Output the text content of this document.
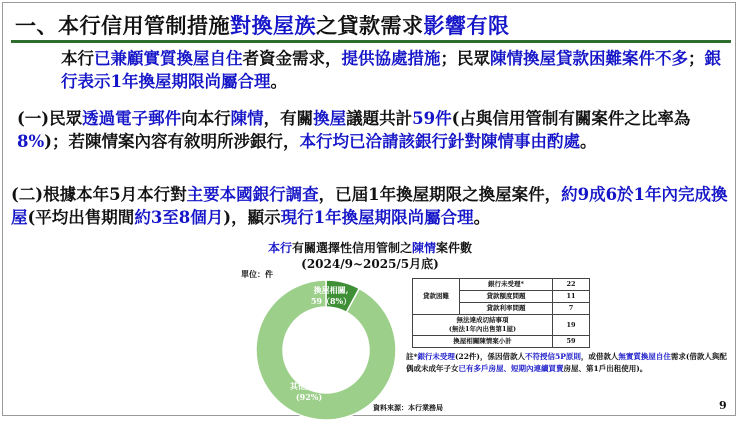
一、本行信用管制措施對換屋族之貸款需求影響有限
本行已兼顧實質換屋自住者資金需求，提供協處措施；民眾陳情換屋貸款困難案件不多；銀行表示1年換屋期限尚屬合理。
(一)民眾透過電子郵件向本行陳情，有關換屋議題共計59件(占與信用管制有關案件之比率為8%)；若陳情案內容有敘明所涉銀行，本行均已洽請該銀行針對陳情事由酌處。
(二)根據本年5月本行對主要本國銀行調查，已屆1年換屋期限之換屋案件，約9成6於1年內完成換屋(平均出售期間約3至8個月)，顯示現行1年換屋期限尚屬合理。
本行有關選擇性信用管制之陳情案件數
(2024/9~2025/5月底)
單位：件
換屋相關,
59（8%）
其他, 689
(92%)
貸款困難	銀行未受理*	22
	貸款額度問題	11
	貸款利率問題	7
無法達成切結事項
(無法1年內出售第1屋)		19
換屋相關陳情案小計		59
註*銀行未受理(22件)，係因借款人不符授信5P原則，或借款人無實質換屋自住需求(借款人與配偶或未成年子女已有多戶房屋、短期內連續買賣房屋、第1戶出租使用)。
資料來源：本行業務局	9
